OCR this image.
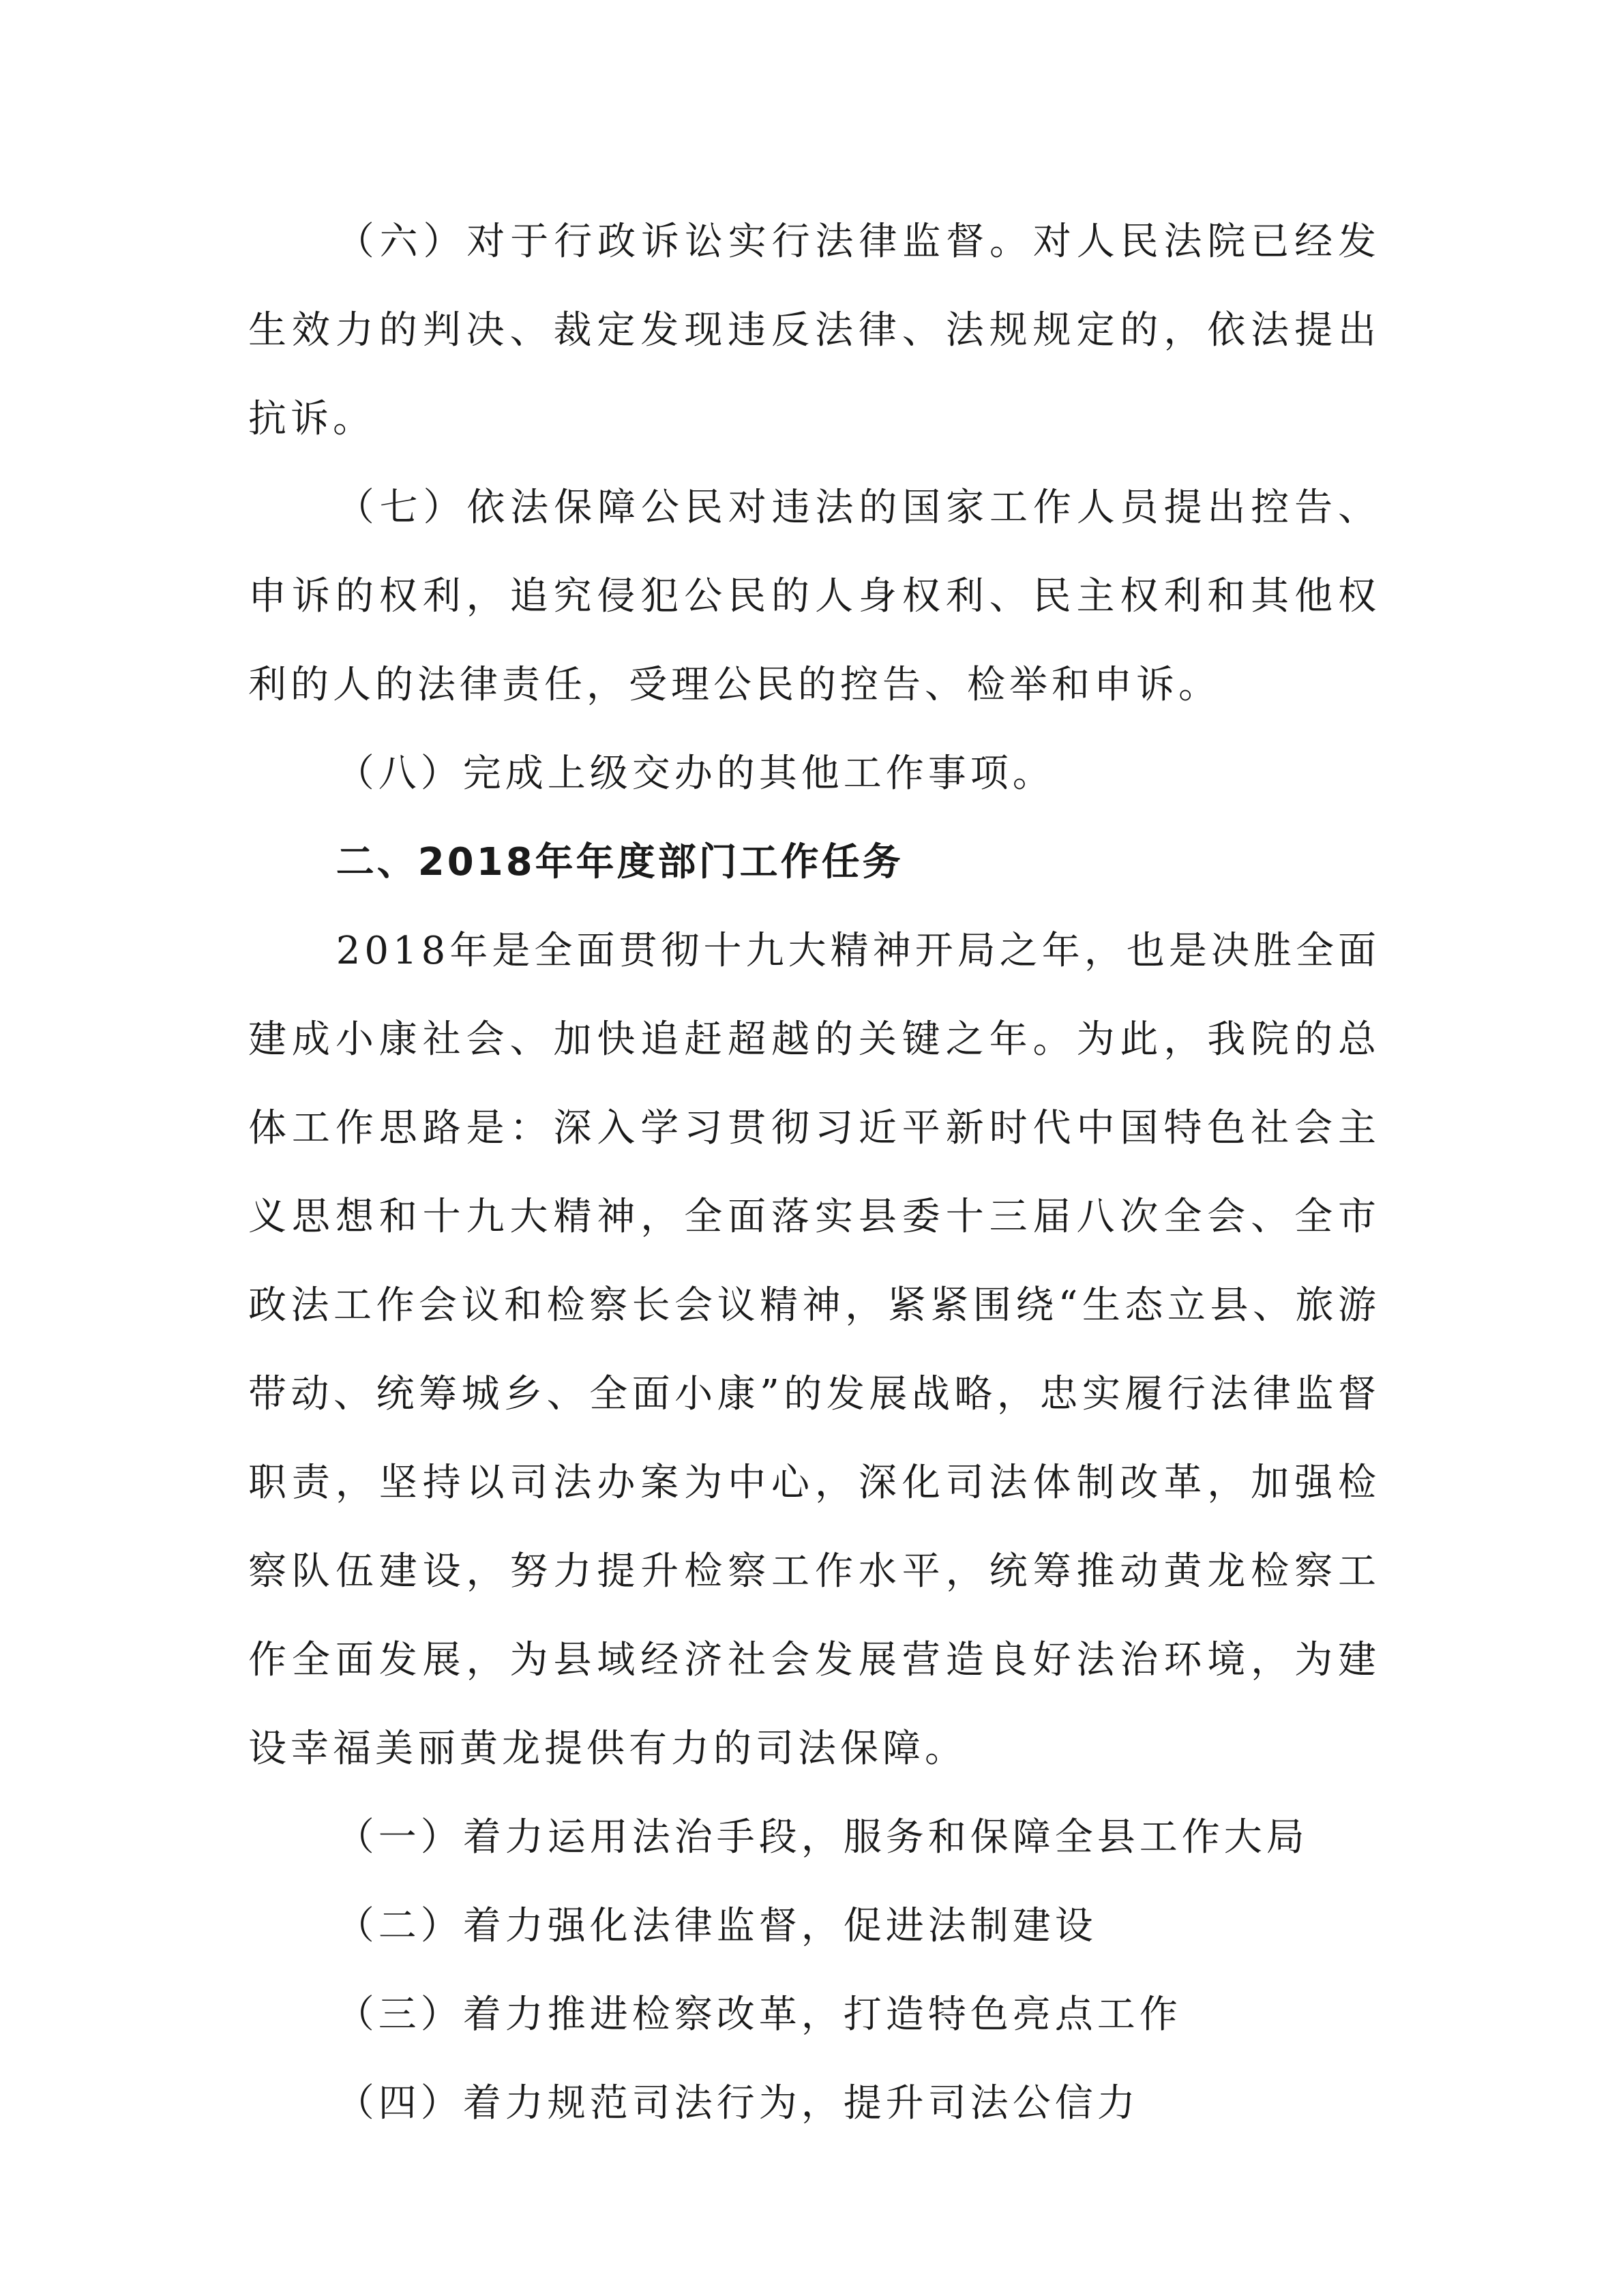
（六）对于行政诉讼实行法律监督。对人民法院已经发生效力的判决、裁定发现违反法律、法规规定的，依法提出抗诉。

（七）依法保障公民对违法的国家工作人员提出控告、申诉的权利，追究侵犯公民的人身权利、民主权利和其他权利的人的法律责任，受理公民的控告、检举和申诉。

（八）完成上级交办的其他工作事项。

二、2018年年度部门工作任务

2018年是全面贯彻十九大精神开局之年，也是决胜全面建成小康社会、加快追赶超越的关键之年。为此，我院的总体工作思路是：深入学习贯彻习近平新时代中国特色社会主义思想和十九大精神，全面落实县委十三届八次全会、全市政法工作会议和检察长会议精神，紧紧围绕“生态立县、旅游带动、统筹城乡、全面小康”的发展战略，忠实履行法律监督职责，坚持以司法办案为中心，深化司法体制改革，加强检察队伍建设，努力提升检察工作水平，统筹推动黄龙检察工作全面发展，为县域经济社会发展营造良好法治环境，为建设幸福美丽黄龙提供有力的司法保障。

（一）着力运用法治手段，服务和保障全县工作大局

（二）着力强化法律监督，促进法制建设

（三）着力推进检察改革，打造特色亮点工作

（四）着力规范司法行为，提升司法公信力
